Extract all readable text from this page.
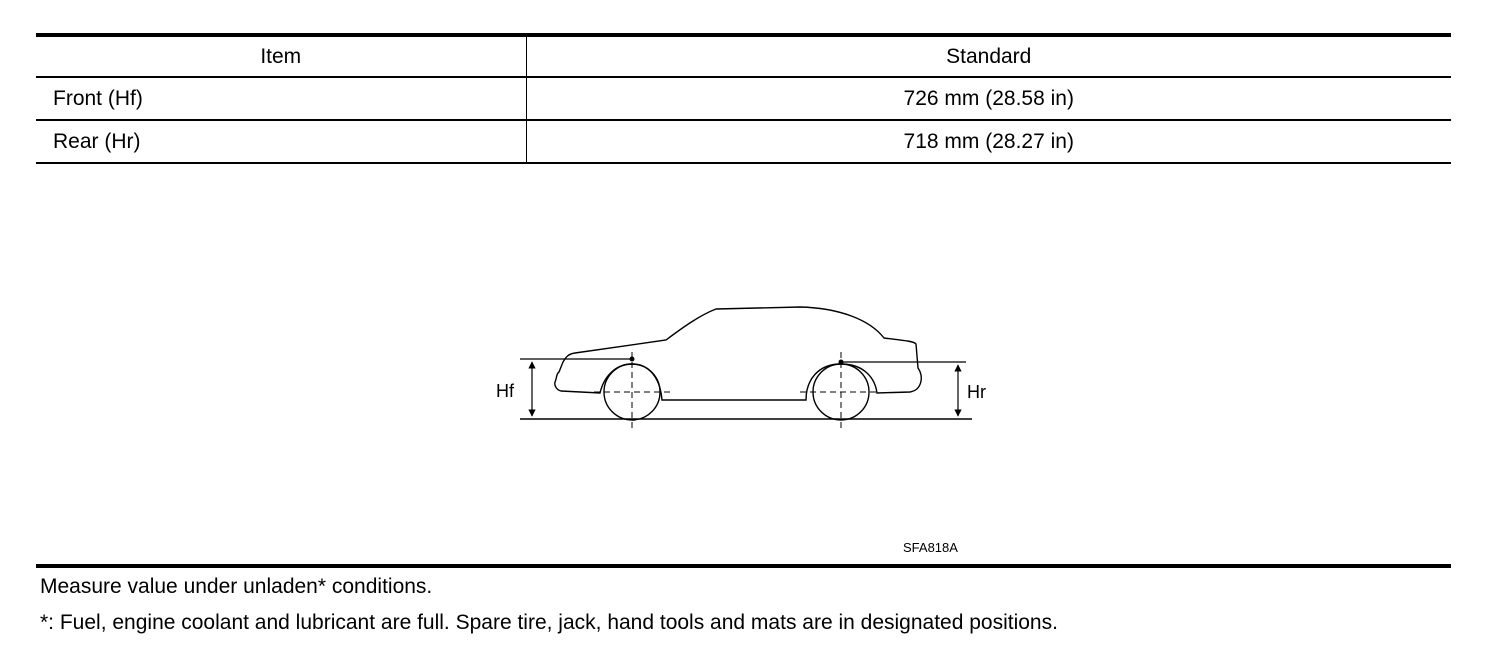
Item	Standard
Front (Hf)	726 mm (28.58 in)
Rear (Hr)	718 mm (28.27 in)
Hf	Hr
SFA818A
Measure value under unladen* conditions.
*: Fuel, engine coolant and lubricant are full. Spare tire, jack, hand tools and mats are in designated positions.
